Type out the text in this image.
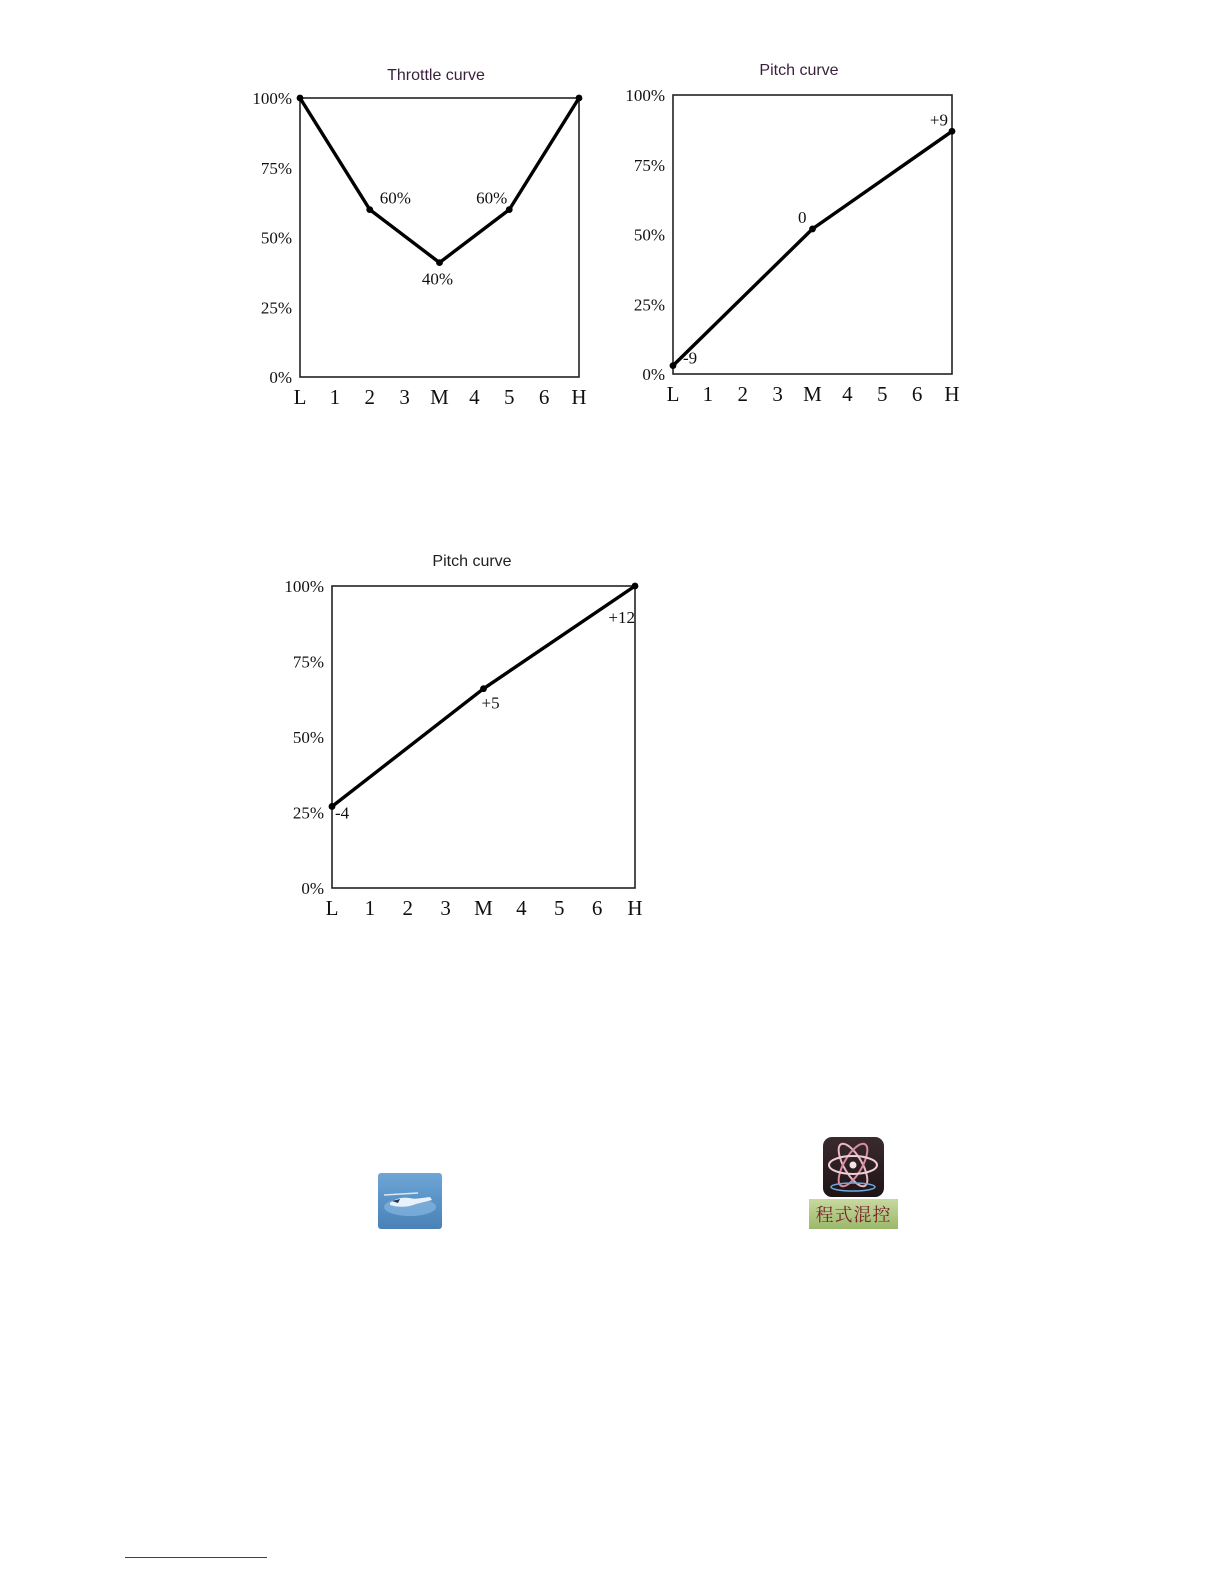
Throttle curve
0%
25%
50%
75%
100%
L 1 2 3 M 4 5 6 H
60%
40%
60%
Pitch curve
0%
25%
50%
75%
100%
L 1 2 3 M 4 5 6 H
-9
0
+9
Pitch curve
0%
25%
50%
75%
100%
L 1 2 3 M 4 5 6 H
-4
+5
+12
程式混控
